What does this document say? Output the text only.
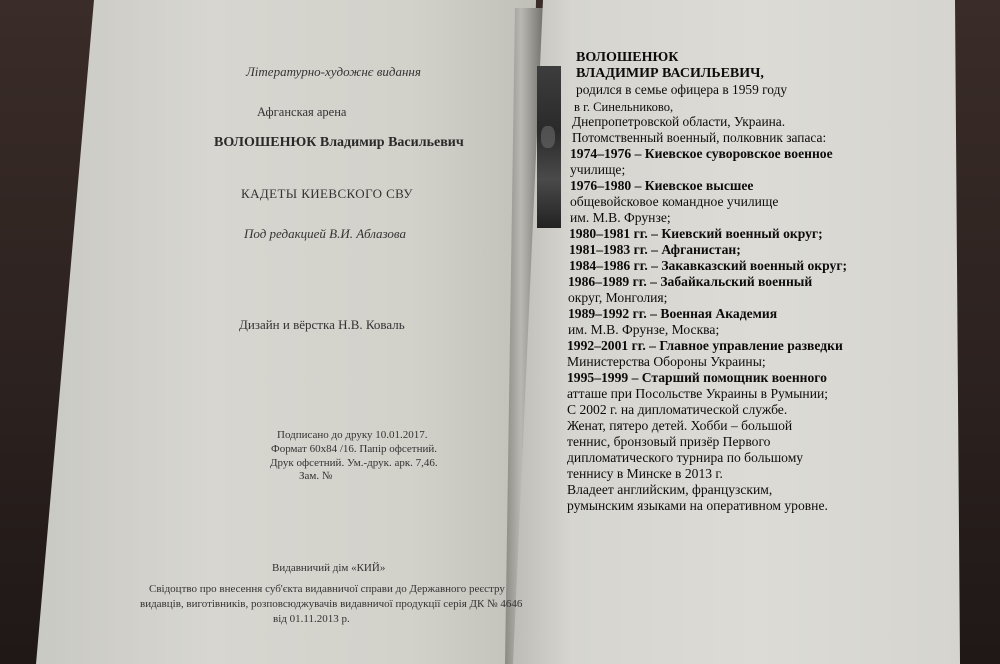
Літературно-художнє видання
Афганская арена
ВОЛОШЕНЮК Владимир Васильевич
КАДЕТЫ КИЕВСКОГО СВУ
Под редакцией В.И. Аблазова
Дизайн и вёрстка Н.В. Коваль
Подписано до друку 10.01.2017.
Формат 60х84 /16. Папір офсетний.
Друк офсетний. Ум.-друк. арк. 7,46.
Зам. №
Видавничий дім «КИЙ»
Свідоцтво про внесення суб'єкта видавничої справи до Державного реєстру
видавців, виготівників, розповсюджувачів видавничої продукції серія ДК № 4646
від 01.11.2013 р.
ВОЛОШЕНЮК
ВЛАДИМИР ВАСИЛЬЕВИЧ,
родился в семье офицера в 1959 году
в г. Синельниково,
Днепропетровской области, Украина.
Потомственный военный, полковник запаса:
1974–1976 – Киевское суворовское военное
училище;
1976–1980 – Киевское высшее
общевойсковое командное училище
им. М.В. Фрунзе;
1980–1981 гг. – Киевский военный округ;
1981–1983 гг. – Афганистан;
1984–1986 гг. – Закавказский военный округ;
1986–1989 гг. – Забайкальский военный
округ, Монголия;
1989–1992 гг. – Военная Академия
им. М.В. Фрунзе, Москва;
1992–2001 гг. – Главное управление разведки
Министерства Обороны Украины;
1995–1999 – Старший помощник военного
атташе при Посольстве Украины в Румынии;
С 2002 г. на дипломатической службе.
Женат, пятеро детей. Хобби – большой
теннис, бронзовый призёр Первого
дипломатического турнира по большому
теннису в Минске в 2013 г.
Владеет английским, французским,
румынским языками на оперативном уровне.
